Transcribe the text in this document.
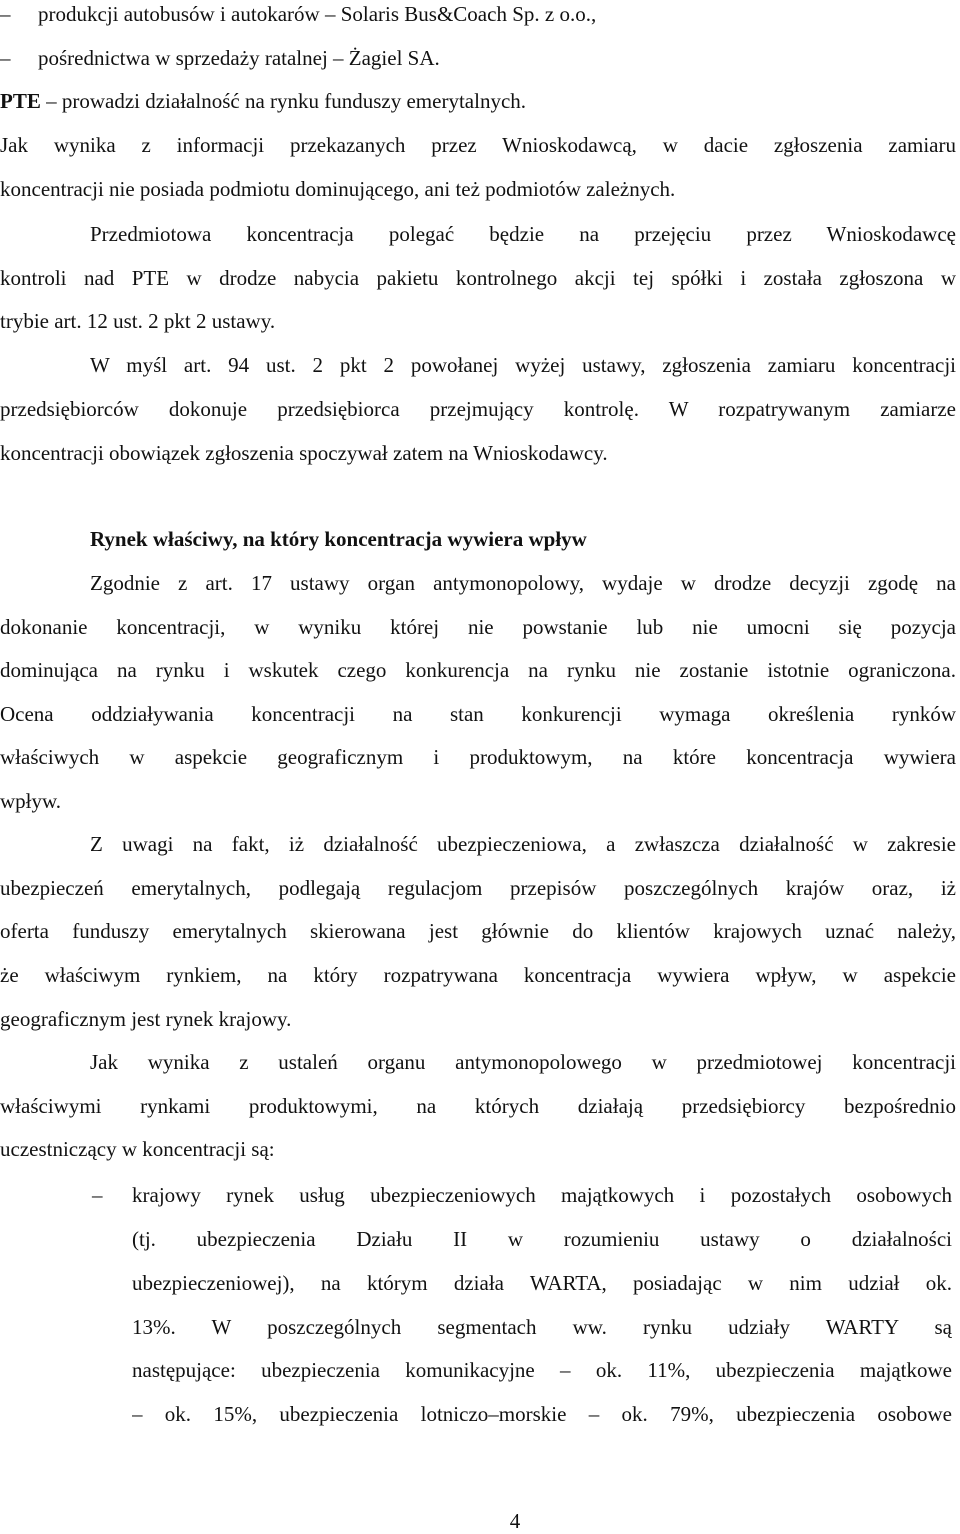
–	produkcji autobusów i autokarów – Solaris Bus&Coach Sp. z o.o.,
–	pośrednictwa w sprzedaży ratalnej – Żagiel SA.
PTE – prowadzi działalność na rynku funduszy emerytalnych.
Jak wynika z informacji przekazanych przez Wnioskodawcą, w dacie zgłoszenia zamiaru
koncentracji nie posiada podmiotu dominującego, ani też podmiotów zależnych.
Przedmiotowa koncentracja polegać będzie na przejęciu przez Wnioskodawcę
kontroli nad PTE w drodze nabycia pakietu kontrolnego akcji tej spółki i została zgłoszona w
trybie art. 12 ust. 2 pkt 2 ustawy.
W myśl art. 94 ust. 2 pkt 2 powołanej wyżej ustawy, zgłoszenia zamiaru koncentracji
przedsiębiorców dokonuje przedsiębiorca przejmujący kontrolę. W rozpatrywanym zamiarze
koncentracji obowiązek zgłoszenia spoczywał zatem na Wnioskodawcy.
Rynek właściwy, na który koncentracja wywiera wpływ
Zgodnie z art. 17 ustawy organ antymonopolowy, wydaje w drodze decyzji zgodę na
dokonanie koncentracji, w wyniku której nie powstanie lub nie umocni się pozycja
dominująca na rynku i wskutek czego konkurencja na rynku nie zostanie istotnie ograniczona.
Ocena oddziaływania koncentracji na stan konkurencji wymaga określenia rynków
właściwych w aspekcie geograficznym i produktowym, na które koncentracja wywiera
wpływ.
Z uwagi na fakt, iż działalność ubezpieczeniowa, a zwłaszcza działalność w zakresie
ubezpieczeń emerytalnych, podlegają regulacjom przepisów poszczególnych krajów oraz, iż
oferta funduszy emerytalnych skierowana jest głównie do klientów krajowych uznać należy,
że właściwym rynkiem, na który rozpatrywana koncentracja wywiera wpływ, w aspekcie
geograficznym jest rynek krajowy.
Jak wynika z ustaleń organu antymonopolowego w przedmiotowej koncentracji
właściwymi rynkami produktowymi, na których działają przedsiębiorcy bezpośrednio
uczestniczący w koncentracji są:
–	krajowy rynek usług ubezpieczeniowych majątkowych i pozostałych osobowych
(tj. ubezpieczenia Działu II w rozumieniu ustawy o działalności
ubezpieczeniowej), na którym działa WARTA, posiadając w nim udział ok.
13%. W poszczególnych segmentach ww. rynku udziały WARTY są
następujące: ubezpieczenia komunikacyjne – ok. 11%, ubezpieczenia majątkowe
– ok. 15%, ubezpieczenia lotniczo–morskie – ok. 79%, ubezpieczenia osobowe
4
